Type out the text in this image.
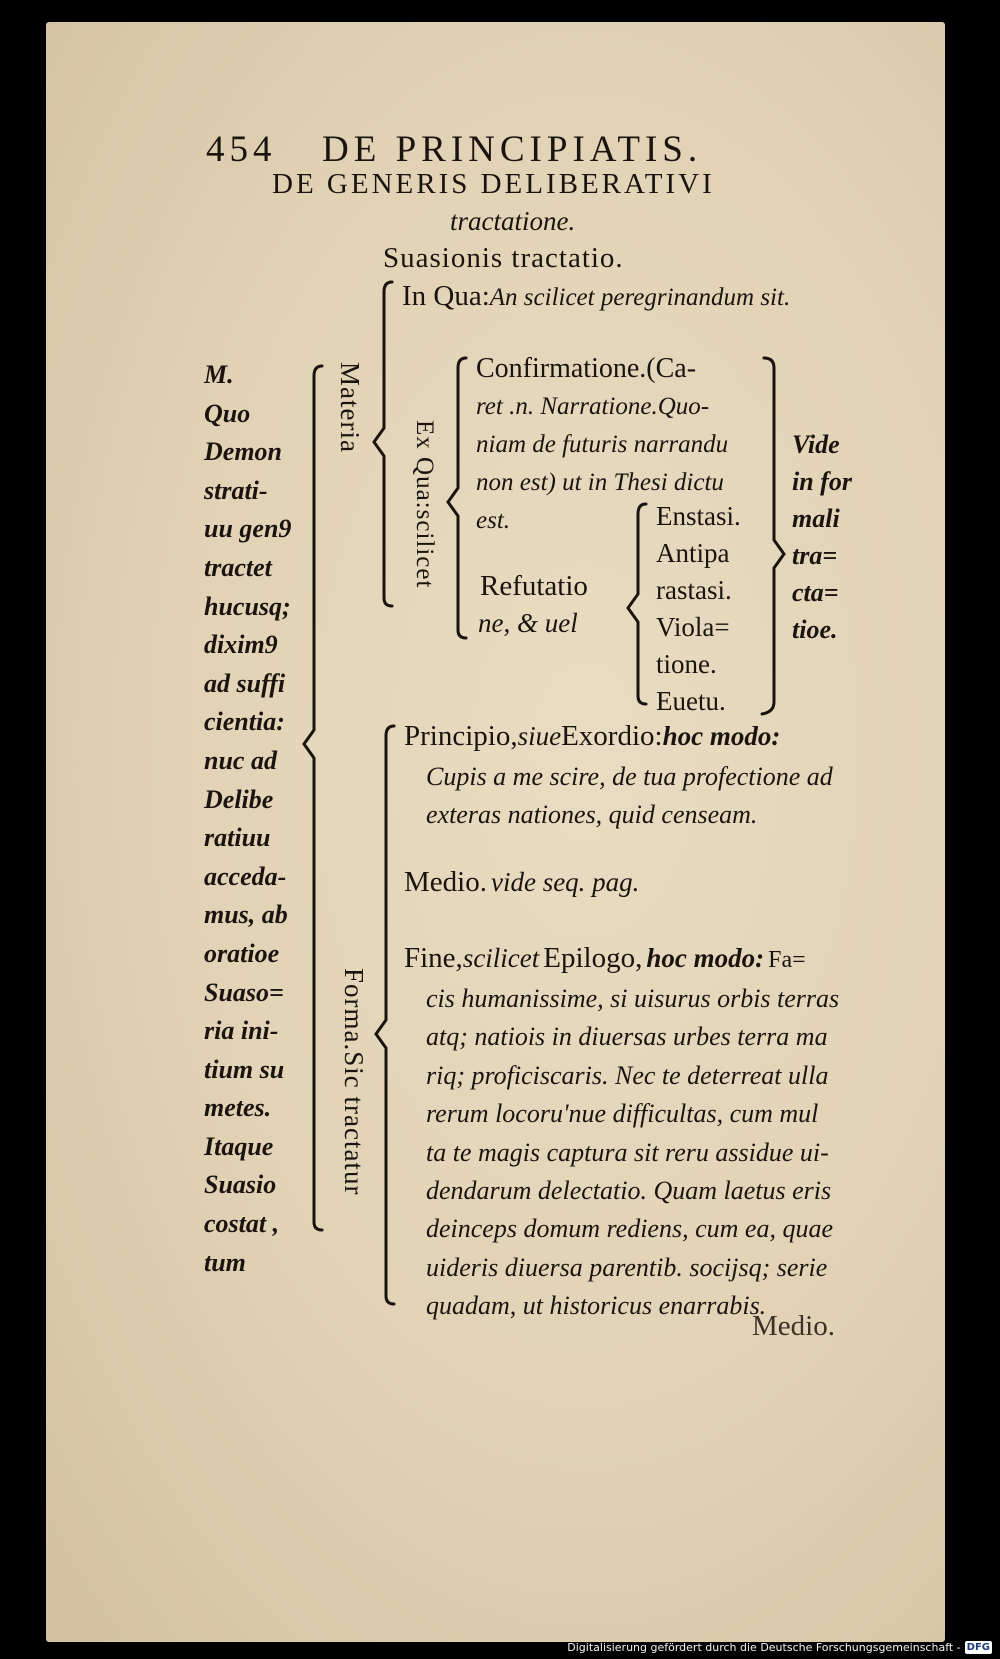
454 DE PRINCIPIATIS.
DE GENERIS DELIBERATIVI
tractatione.
Suasionis tractatio.
M.
Quo
Demon
strati-
uu gen9
tractet
hucusq;
dixim9
ad suffi
cientia:
nuc ad
Delibe
ratiuu
acceda-
mus, ab
oratioe
Suaso=
ria ini-
tium su
metes.
Itaque
Suasio
costat ,
tum
Materia
Ex Qua:scilicet
Forma.Sic tractatur
In Qua:An scilicet peregrinandum sit.
Confirmatione.(Ca-
ret .n. Narratione.Quo-
niam de futuris narrandu
non est) ut in Thesi dictu
est.
Refutatio
ne, & uel
Enstasi.
Antipa
rastasi.
Viola=
tione.
Euetu.
Vide
in for
mali
tra=
cta=
tioe.
Principio,siueExordio:hoc modo:
Cupis a me scire, de tua profectione ad
exteras nationes, quid censeam.
Medio. vide seq. pag.
Fine,scilicet Epilogo, hoc modo: Fa=
cis humanissime, si uisurus orbis terras
atq; natiois in diuersas urbes terra ma
riq; proficiscaris. Nec te deterreat ulla
rerum locoru'nue difficultas, cum mul
ta te magis captura sit reru assidue ui-
dendarum delectatio. Quam laetus eris
deinceps domum rediens, cum ea, quae
uideris diuersa parentib. socijsq; serie
quadam, ut historicus enarrabis.
Medio.
Digitalisierung gefördert durch die Deutsche Forschungsgemeinschaft - DFG
